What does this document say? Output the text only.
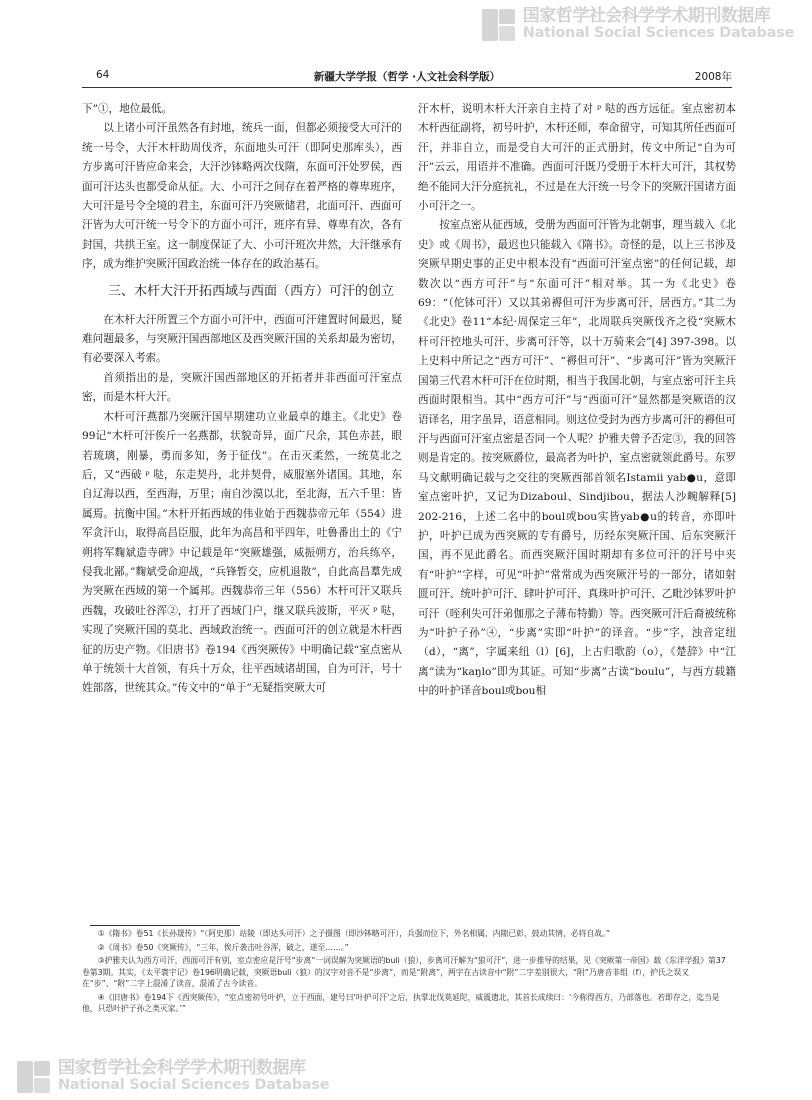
国家哲学社会科学学术期刊数据库
National Social Sciences Database
64	新疆大学学报（哲学 ·人文社会科学版）	2008年

下”①，地位最低。

以上诸小可汗虽然各有封地，统兵一面，但都必须接受大可汗的统一号令，大汗木杆助周伐齐，东面地头可汗（即阿史那库头），西方步离可汗皆应命来会，大汗沙钵略两次伐隋，东面可汗处罗侯，西面可汗达头也都受命从征。大、小可汗之间存在着严格的尊卑班序，大可汗是号令全境的君主，东面可汗乃突厥储君，北面可汗、西面可汗皆为大可汗统一号令下的方面小可汗，班序有异、尊卑有次，各有封国，共拱王室。这一制度保证了大、小可汗班次井然，大汗继承有序，成为维护突厥汗国政治统一体存在的政治基石。

三、木杆大汗开拓西域与西面（西方）可汗的创立

在木杆大汗所置三个方面小可汗中，西面可汗建置时间最迟，疑难问题最多，与突厥汗国西部地区及西突厥汗国的关系却最为密切，有必要深入考索。

首须指出的是，突厥汗国西部地区的开拓者并非西面可汗室点密，而是木杆大汗。

木杆可汗燕都乃突厥汗国早期建功立业最卓的雄主。《北史》卷99记“木杆可汗俟斤一名燕都，状貌奇异，面广尺余，其色赤甚，眼若琉璃，刚暴，勇而多知，务于征伐”。在击灭柔然，一统莫北之后，又“西破 ᵖ 哒，东走契丹，北并契骨，威服塞外诸国。其地，东自辽海以西，至西海，万里；南自沙漠以北，至北海，五六千里：皆属焉。抗衡中国。”木杆开拓西域的伟业始于西魏恭帝元年（554）进军贪汗山，取得高昌臣服，此年为高昌和平四年，吐鲁番出土的《宁朔将军麴斌造寺碑》中记载是年“突厥雄强，威振朔方，治兵练卒，侵我北鄙。”麴斌受命迎战，“兵锋暂交，应机退散”，自此高昌羣先成为突厥在西域的第一个属邦。西魏恭帝三年（556）木杆可汗又联兵西魏，攻破吐谷浑②，打开了西域门户，继又联兵波斯，平灭 ᵖ 哒，实现了突厥汗国的莫北、西域政治统一。西面可汗的创立就是木杆西征的历史产物。《旧唐书》卷194《西突厥传》中明确记载“室点密从单于统领十大首领，有兵十万众，往平西域诸胡国，自为可汗，号十姓部落，世统其众。”传文中的“单于”无疑指突厥大可

汗木杆，说明木杆大汗亲自主持了对 ᵖ 哒的西方远征。室点密初本木杆西征副将，初号叶护，木杆还师，奉命留守，可知其所任西面可汗，并非自立，而是受自大可汗的正式册封，传文中所记“自为可汗”云云，用语并不准确。西面可汗既乃受册于木杆大可汗，其权势绝不能同大汗分庭抗礼，不过是在大汗统一号令下的突厥汗国诸方面小可汗之一。

按室点密从征西域，受册为西面可汗皆为北朝事，理当载入《北史》或《周书》，最迟也只能载入《隋书》。奇怪的是，以上三书涉及突厥早期史事的正史中根本没有“西面可汗室点密”的任何记载，却数次以“西方可汗”与“东面可汗”相对举。其一为《北史》卷69：“（佗钵可汗）又以其弟褥但可汗为步离可汗，居西方。”其二为《北史》卷11“本纪·周保定三年”，北周联兵突厥伐齐之役“突厥木杆可汗控地头可汗、步离可汗等，以十万骑来会”[4] 397-398。以上史料中所记之“西方可汗”、“褥但可汗”、“步离可汗”皆为突厥汗国第三代君木杆可汗在位时期，相当于我国北朝，与室点密可汗主兵西面时限相当。其中“西方可汗”与“西面可汗”显然都是突厥语的汉语译名，用字虽异，语意相同。则这位受封为西方步离可汗的褥但可汗与西面可汗室点密是否同一个人呢？护雅夫曾予否定③，我的回答则是肯定的。按突厥爵位，最高者为叶护，室点密就领此爵号。东罗马文献明确记载与之交往的突厥西部首领名Istamii yab●u，意即室点密叶护，又记为Dizaboul、Sindjibou，据法人沙畹解释[5] 202-216，上述二名中的boul或bou实皆yab●u的转音，亦即叶护，叶护已成为西突厥的专有爵号，历经东突厥汗国、后东突厥汗国，再不见此爵名。而西突厥汗国时期却有多位可汗的汗号中夹有“叶护”字样，可见“叶护”常常成为西突厥汗号的一部分，诸如射匮可汗、统叶护可汗、肆叶护可汗、真珠叶护可汗、乙毗沙钵罗叶护可汗（咥利失可汗弟伽那之子薄布特勤）等。西突厥可汗后裔被统称为“叶护子孙”④，“步离”实即“叶护”的译音。“步”字，浊音定纽（d），“离”，字属来纽（l）[6]，上古归歌韵（o），《楚辞》中“江离”读为“kaŋlo”即为其证。可知“步离”古读“boulu”，与西方载籍中的叶护译音boul或bou相

①《隋书》卷51《长孙晟传》“（阿史那）站陵（即达头可汗）之子摄图（即沙钵略可汗），兵强而位下，外名相属，内隙已彰，鼓动其情，必将自战。”

②《周书》卷50《突厥传》，“三年，俟斤袭击吐谷浑，破之，遂至……。”

③护雅夫认为西方可汗，西面可汗有别，室点密应是汗号“步离”一词误解为突厥语的buli（狼），步离可汗解为“狼可汗”，进一步推导的结果，见《突厥第一帝国》载《东洋学报》第37卷第3期。其实，《太平寰宇记》卷196明确记载，突厥语buli（狼）的汉字对音不是“步离”，而是“附离”，两字在古读音中“附”二字差别很大，“附”乃唐音非组（f），护氏之误又在“步”、“附”二字上混淆了读音，混淆了古今读音。

④《旧唐书》卷194下《西突厥传》，“室点密初号叶护，立于西面，建号曰‘叶护可汗’之后，执掌北伐莫延陀，威震遗北，其首长成续曰：‘今称得西方，乃部落也。若即存之，迄当是他，只恐叶护子孙之类灭家。’”

国家哲学社会科学学术期刊数据库
National Social Sciences Database
